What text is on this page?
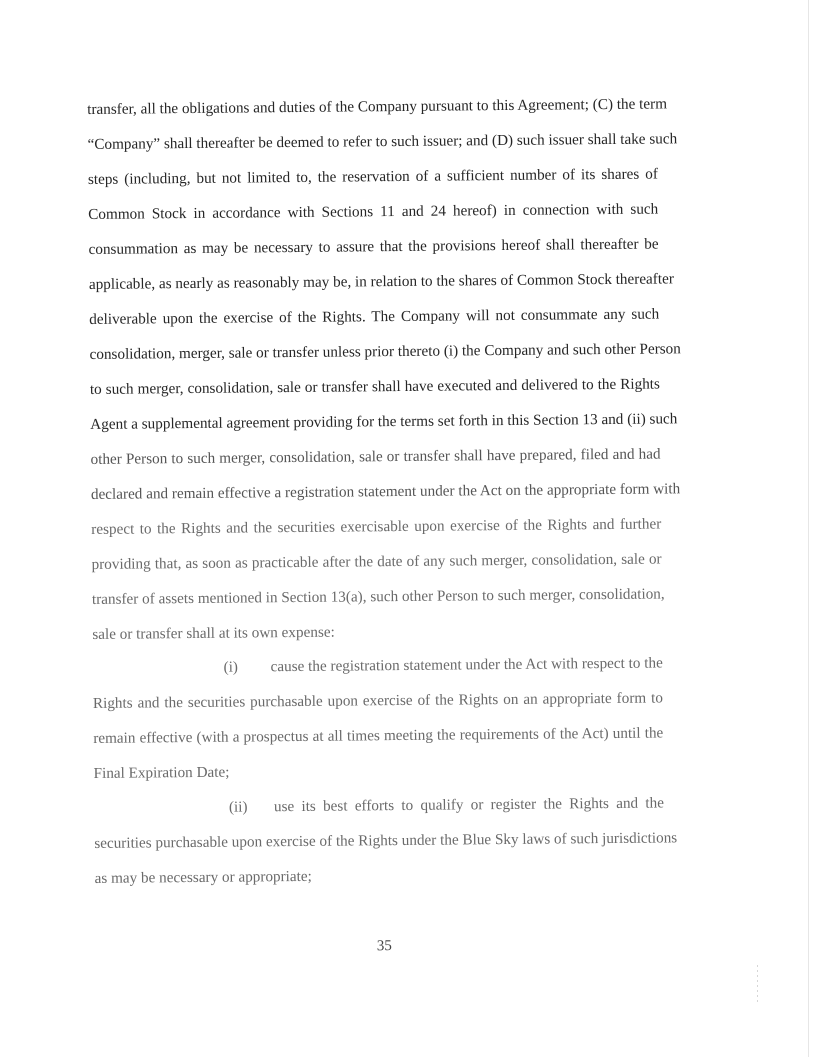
transfer, all the obligations and duties of the Company pursuant to this Agreement; (C) the term
“Company” shall thereafter be deemed to refer to such issuer; and (D) such issuer shall take such
steps (including, but not limited to, the reservation of a sufficient number of its shares of
Common Stock in accordance with Sections 11 and 24 hereof) in connection with such
consummation as may be necessary to assure that the provisions hereof shall thereafter be
applicable, as nearly as reasonably may be, in relation to the shares of Common Stock thereafter
deliverable upon the exercise of the Rights. The Company will not consummate any such
consolidation, merger, sale or transfer unless prior thereto (i) the Company and such other Person
to such merger, consolidation, sale or transfer shall have executed and delivered to the Rights
Agent a supplemental agreement providing for the terms set forth in this Section 13 and (ii) such
other Person to such merger, consolidation, sale or transfer shall have prepared, filed and had
declared and remain effective a registration statement under the Act on the appropriate form with
respect to the Rights and the securities exercisable upon exercise of the Rights and further
providing that, as soon as practicable after the date of any such merger, consolidation, sale or
transfer of assets mentioned in Section 13(a), such other Person to such merger, consolidation,
sale or transfer shall at its own expense:
(i)	cause the registration statement under the Act with respect to the
Rights and the securities purchasable upon exercise of the Rights on an appropriate form to
remain effective (with a prospectus at all times meeting the requirements of the Act) until the
Final Expiration Date;
(ii)	use its best efforts to qualify or register the Rights and the
securities purchasable upon exercise of the Rights under the Blue Sky laws of such jurisdictions
as may be necessary or appropriate;
35
